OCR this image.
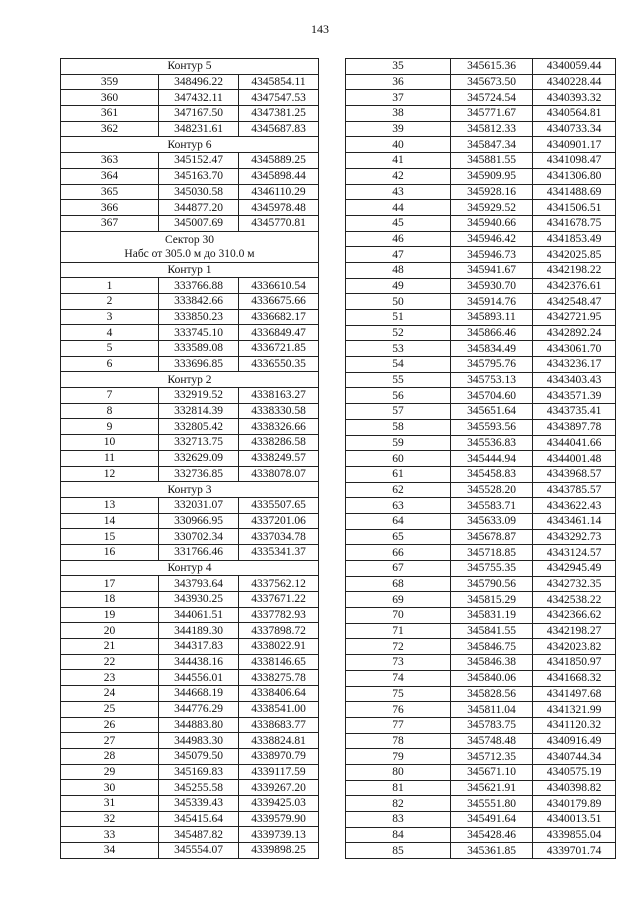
143
Контур 5		

359	348496.22	4345854.11
360	347432.11	4347547.53
361	347167.50	4347381.25
362	348231.61	4345687.83

Контур 6		

363	345152.47	4345889.25
364	345163.70	4345898.44
365	345030.58	4346110.29
366	344877.20	4345978.48
367	345007.69	4345770.81

Сектор 30
Набс от 305.0 м до 310.0 м		

Контур 1		

1	333766.88	4336610.54
2	333842.66	4336675.66
3	333850.23	4336682.17
4	333745.10	4336849.47
5	333589.08	4336721.85
6	333696.85	4336550.35

Контур 2		

7	332919.52	4338163.27
8	332814.39	4338330.58
9	332805.42	4338326.66
10	332713.75	4338286.58
11	332629.09	4338249.57
12	332736.85	4338078.07

Контур 3		

13	332031.07	4335507.65
14	330966.95	4337201.06
15	330702.34	4337034.78
16	331766.46	4335341.37

Контур 4		

17	343793.64	4337562.12
18	343930.25	4337671.22
19	344061.51	4337782.93
20	344189.30	4337898.72
21	344317.83	4338022.91
22	344438.16	4338146.65
23	344556.01	4338275.78
24	344668.19	4338406.64
25	344776.29	4338541.00
26	344883.80	4338683.77
27	344983.30	4338824.81
28	345079.50	4338970.79
29	345169.83	4339117.59
30	345255.58	4339267.20
31	345339.43	4339425.03
32	345415.64	4339579.90
33	345487.82	4339739.13
34	345554.07	4339898.25
35	345615.36	4340059.44
36	345673.50	4340228.44
37	345724.54	4340393.32
38	345771.67	4340564.81
39	345812.33	4340733.34
40	345847.34	4340901.17
41	345881.55	4341098.47
42	345909.95	4341306.80
43	345928.16	4341488.69
44	345929.52	4341506.51
45	345940.66	4341678.75
46	345946.42	4341853.49
47	345946.73	4342025.85
48	345941.67	4342198.22
49	345930.70	4342376.61
50	345914.76	4342548.47
51	345893.11	4342721.95
52	345866.46	4342892.24
53	345834.49	4343061.70
54	345795.76	4343236.17
55	345753.13	4343403.43
56	345704.60	4343571.39
57	345651.64	4343735.41
58	345593.56	4343897.78
59	345536.83	4344041.66
60	345444.94	4344001.48
61	345458.83	4343968.57
62	345528.20	4343785.57
63	345583.71	4343622.43
64	345633.09	4343461.14
65	345678.87	4343292.73
66	345718.85	4343124.57
67	345755.35	4342945.49
68	345790.56	4342732.35
69	345815.29	4342538.22
70	345831.19	4342366.62
71	345841.55	4342198.27
72	345846.75	4342023.82
73	345846.38	4341850.97
74	345840.06	4341668.32
75	345828.56	4341497.68
76	345811.04	4341321.99
77	345783.75	4341120.32
78	345748.48	4340916.49
79	345712.35	4340744.34
80	345671.10	4340575.19
81	345621.91	4340398.82
82	345551.80	4340179.89
83	345491.64	4340013.51
84	345428.46	4339855.04
85	345361.85	4339701.74
